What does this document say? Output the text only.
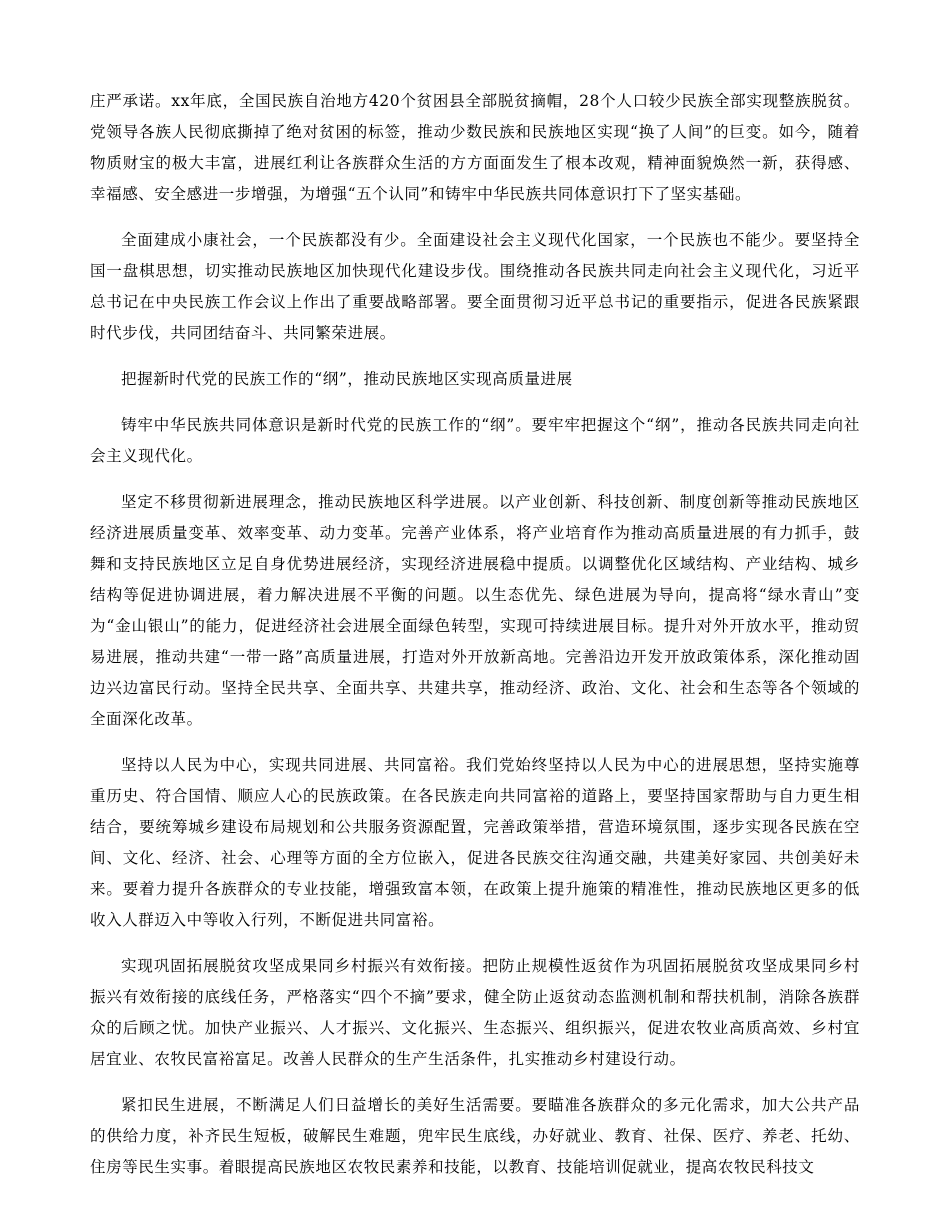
庄严承诺。xx年底，全国民族自治地方420个贫困县全部脱贫摘帽，28个人口较少民族全部实现整族脱贫。党领导各族人民彻底撕掉了绝对贫困的标签，推动少数民族和民族地区实现“换了人间”的巨变。如今，随着物质财宝的极大丰富，进展红利让各族群众生活的方方面面发生了根本改观，精神面貌焕然一新，获得感、幸福感、安全感进一步增强，为增强“五个认同”和铸牢中华民族共同体意识打下了坚实基础。

全面建成小康社会，一个民族都没有少。全面建设社会主义现代化国家，一个民族也不能少。要坚持全国一盘棋思想，切实推动民族地区加快现代化建设步伐。围绕推动各民族共同走向社会主义现代化，习近平总书记在中央民族工作会议上作出了重要战略部署。要全面贯彻习近平总书记的重要指示，促进各民族紧跟时代步伐，共同团结奋斗、共同繁荣进展。

把握新时代党的民族工作的“纲”，推动民族地区实现高质量进展

铸牢中华民族共同体意识是新时代党的民族工作的“纲”。要牢牢把握这个“纲”，推动各民族共同走向社会主义现代化。

坚定不移贯彻新进展理念，推动民族地区科学进展。以产业创新、科技创新、制度创新等推动民族地区经济进展质量变革、效率变革、动力变革。完善产业体系，将产业培育作为推动高质量进展的有力抓手，鼓舞和支持民族地区立足自身优势进展经济，实现经济进展稳中提质。以调整优化区域结构、产业结构、城乡结构等促进协调进展，着力解决进展不平衡的问题。以生态优先、绿色进展为导向，提高将“绿水青山”变为“金山银山”的能力，促进经济社会进展全面绿色转型，实现可持续进展目标。提升对外开放水平，推动贸易进展，推动共建“一带一路”高质量进展，打造对外开放新高地。完善沿边开发开放政策体系，深化推动固边兴边富民行动。坚持全民共享、全面共享、共建共享，推动经济、政治、文化、社会和生态等各个领域的全面深化改革。

坚持以人民为中心，实现共同进展、共同富裕。我们党始终坚持以人民为中心的进展思想，坚持实施尊重历史、符合国情、顺应人心的民族政策。在各民族走向共同富裕的道路上，要坚持国家帮助与自力更生相结合，要统筹城乡建设布局规划和公共服务资源配置，完善政策举措，营造环境氛围，逐步实现各民族在空间、文化、经济、社会、心理等方面的全方位嵌入，促进各民族交往沟通交融，共建美好家园、共创美好未来。要着力提升各族群众的专业技能，增强致富本领，在政策上提升施策的精准性，推动民族地区更多的低收入人群迈入中等收入行列，不断促进共同富裕。

实现巩固拓展脱贫攻坚成果同乡村振兴有效衔接。把防止规模性返贫作为巩固拓展脱贫攻坚成果同乡村振兴有效衔接的底线任务，严格落实“四个不摘”要求，健全防止返贫动态监测机制和帮扶机制，消除各族群众的后顾之忧。加快产业振兴、人才振兴、文化振兴、生态振兴、组织振兴，促进农牧业高质高效、乡村宜居宜业、农牧民富裕富足。改善人民群众的生产生活条件，扎实推动乡村建设行动。

紧扣民生进展，不断满足人们日益增长的美好生活需要。要瞄准各族群众的多元化需求，加大公共产品的供给力度，补齐民生短板，破解民生难题，兜牢民生底线，办好就业、教育、社保、医疗、养老、托幼、住房等民生实事。着眼提高民族地区农牧民素养和技能，以教育、技能培训促就业，提高农牧民科技文
